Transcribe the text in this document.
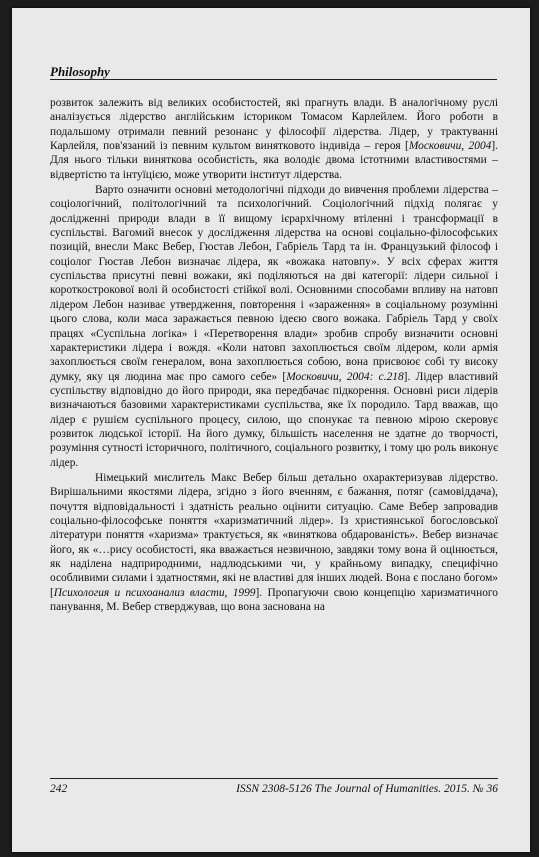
Philosophy

розвиток залежить від великих особистостей, які прагнуть влади. В аналогічному руслі аналізується лідерство англійським істориком Томасом Карлейлем. Його роботи в подальшому отримали певний резонанс у філософії лідерства. Лідер, у трактуванні Карлейля, пов'язаний із певним культом винятковото індивіда – героя [Московичи, 2004]. Для нього тільки виняткова особистість, яка володіє двома істотними властивостями – відвертістю та інтуїцією, може утворити інститут лідерства.

Варто означити основні методологічні підходи до вивчення проблеми лідерства – соціологічний, політологічний та психологічний. Соціологічний підхід полягає у дослідженні природи влади в її вищому ієрархічному втіленні і трансформації в суспільстві. Вагомий внесок у дослідження лідерства на основі соціально-філософських позицій, внесли Макс Вебер, Гюстав Лебон, Габріель Тард та ін. Французький філософ і соціолог Гюстав Лебон визначає лідера, як «вожака натовпу». У всіх сферах життя суспільства присутні певні вожаки, які поділяються на дві категорії: лідери сильної і короткострокової волі й особистості стійкої волі. Основними способами впливу на натовп лідером Лебон називає утвердження, повторення і «зараження» в соціальному розумінні цього слова, коли маса заражається певною ідеєю свого вожака. Габріель Тард у своїх працях «Суспільна логіка» і «Перетворення влади» зробив спробу визначити основні характеристики лідера і вождя. «Коли натовп захоплюється своїм лідером, коли армія захоплюється своїм генералом, вона захоплюється собою, вона присвоює собі ту високу думку, яку ця людина має про самого себе» [Московичи, 2004: с.218]. Лідер властивий суспільству відповідно до його природи, яка передбачає підкорення. Основні риси лідерів визначаються базовими характеристиками суспільства, яке їх породило. Тард вважав, що лідер є рушієм суспільного процесу, силою, що спонукає та певною мірою скеровує розвиток людської історії. На його думку, більшість населення не здатне до творчості, розуміння сутності історичного, політичного, соціального розвитку, і тому цю роль виконує лідер.

Німецький мислитель Макс Вебер більш детально охарактеризував лідерство. Вирішальними якостями лідера, згідно з його вченням, є бажання, потяг (самовіддача), почуття відповідальності і здатність реально оцінити ситуацію. Саме Вебер запровадив соціально-філософське поняття «харизматичний лідер». Із християнської богословської літератури поняття «харизма» трактується, як «виняткова обдарованість». Вебер визначає його, як «…рису особистості, яка вважається незвичною, завдяки тому вона й оцінюється, як наділена надприродними, надлюдськими чи, у крайньому випадку, специфічно особливими силами і здатностями, які не властиві для інших людей. Вона є послано богом» [Психология и психоанализ власти, 1999]. Пропагуючи свою концепцію харизматичного панування, М. Вебер стверджував, що вона заснована на

242	ISSN 2308-5126 The Journal of Humanities. 2015. № 36
